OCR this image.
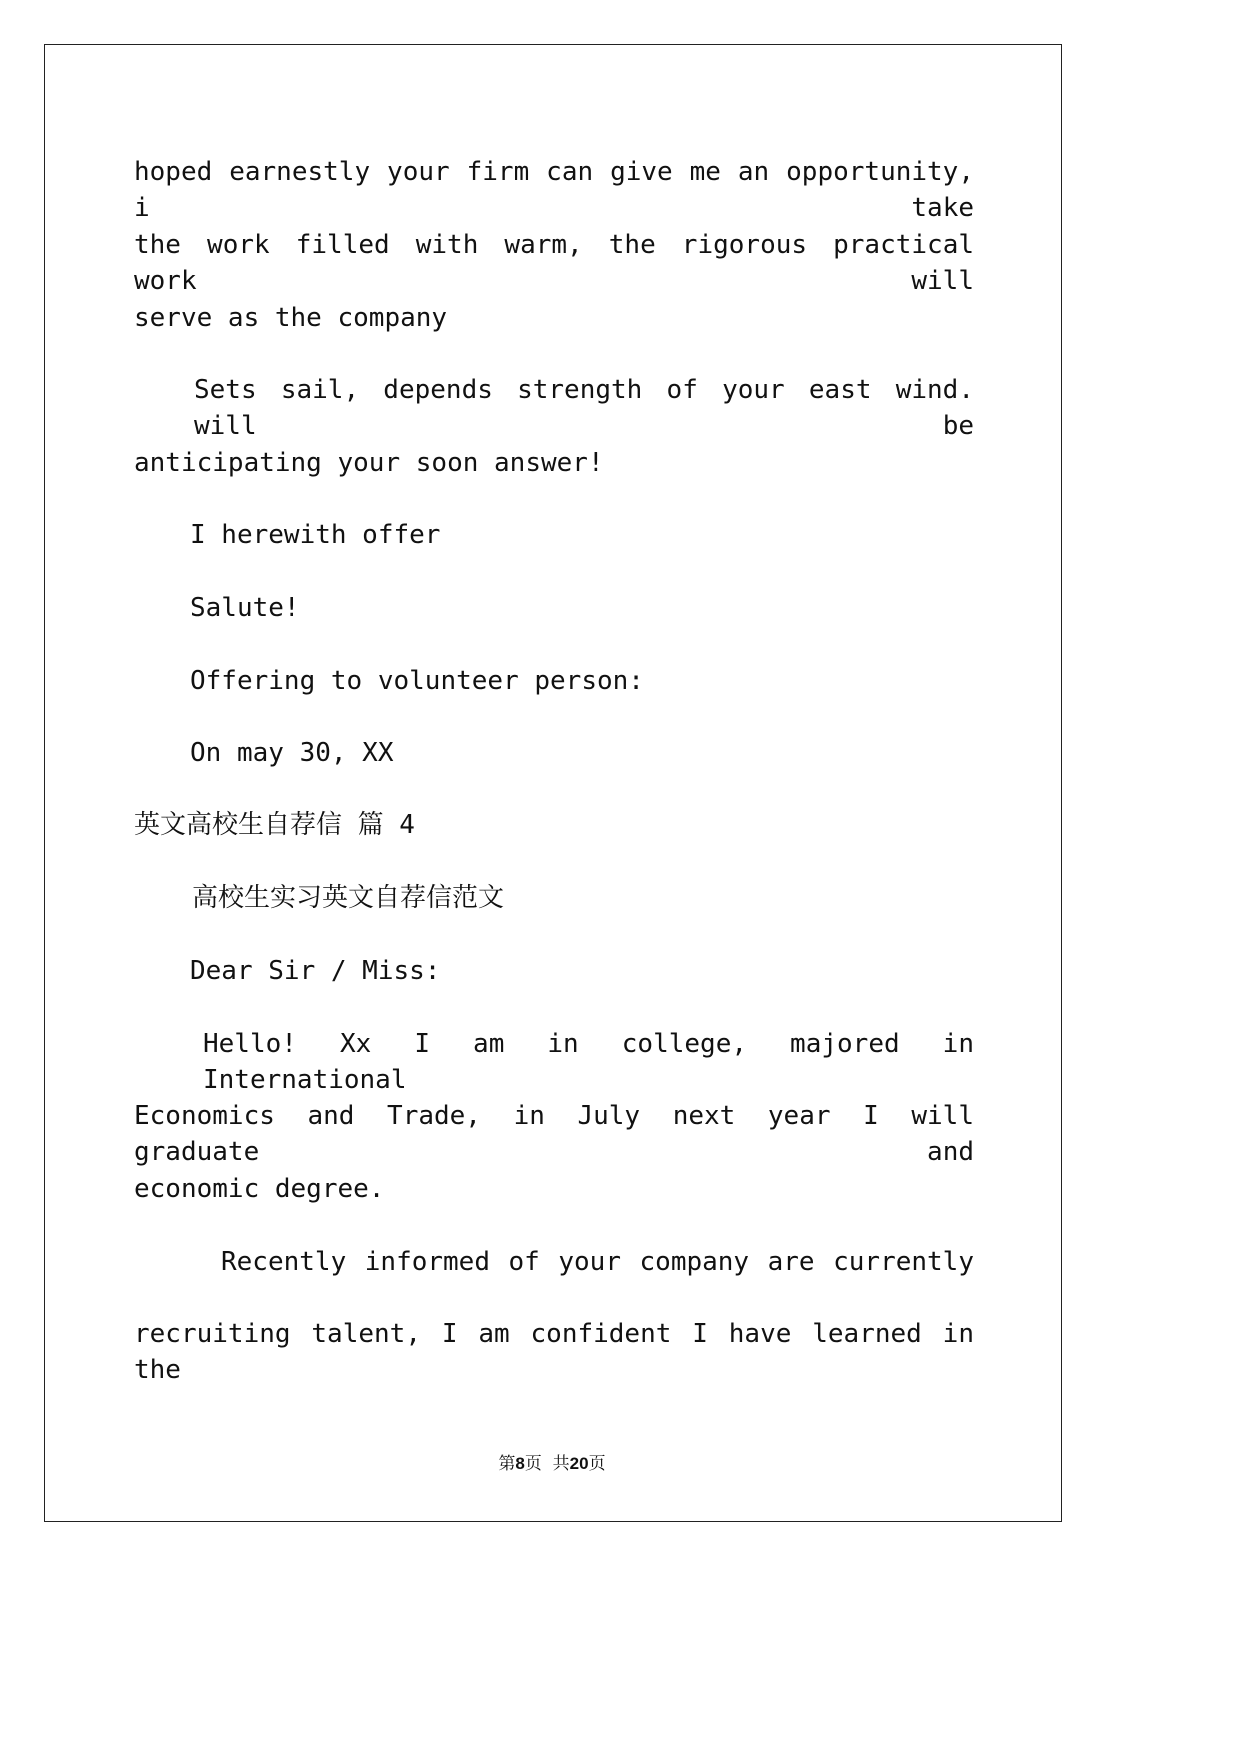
hoped earnestly your firm can give me an opportunity, i take

the work filled with warm, the rigorous practical work will

serve as the company

Sets sail, depends strength of your east wind. will be

anticipating your soon answer!

I herewith offer

Salute!

Offering to volunteer person:

On may 30, XX

英文高校生自荐信 篇 4

高校生实习英文自荐信范文

Dear Sir / Miss:

Hello! Xx I am in college, majored in International

Economics and Trade, in July next year I will graduate and

economic degree.

Recently informed of your company are currently

recruiting talent, I am confident I have learned in the

第8页  共20页
